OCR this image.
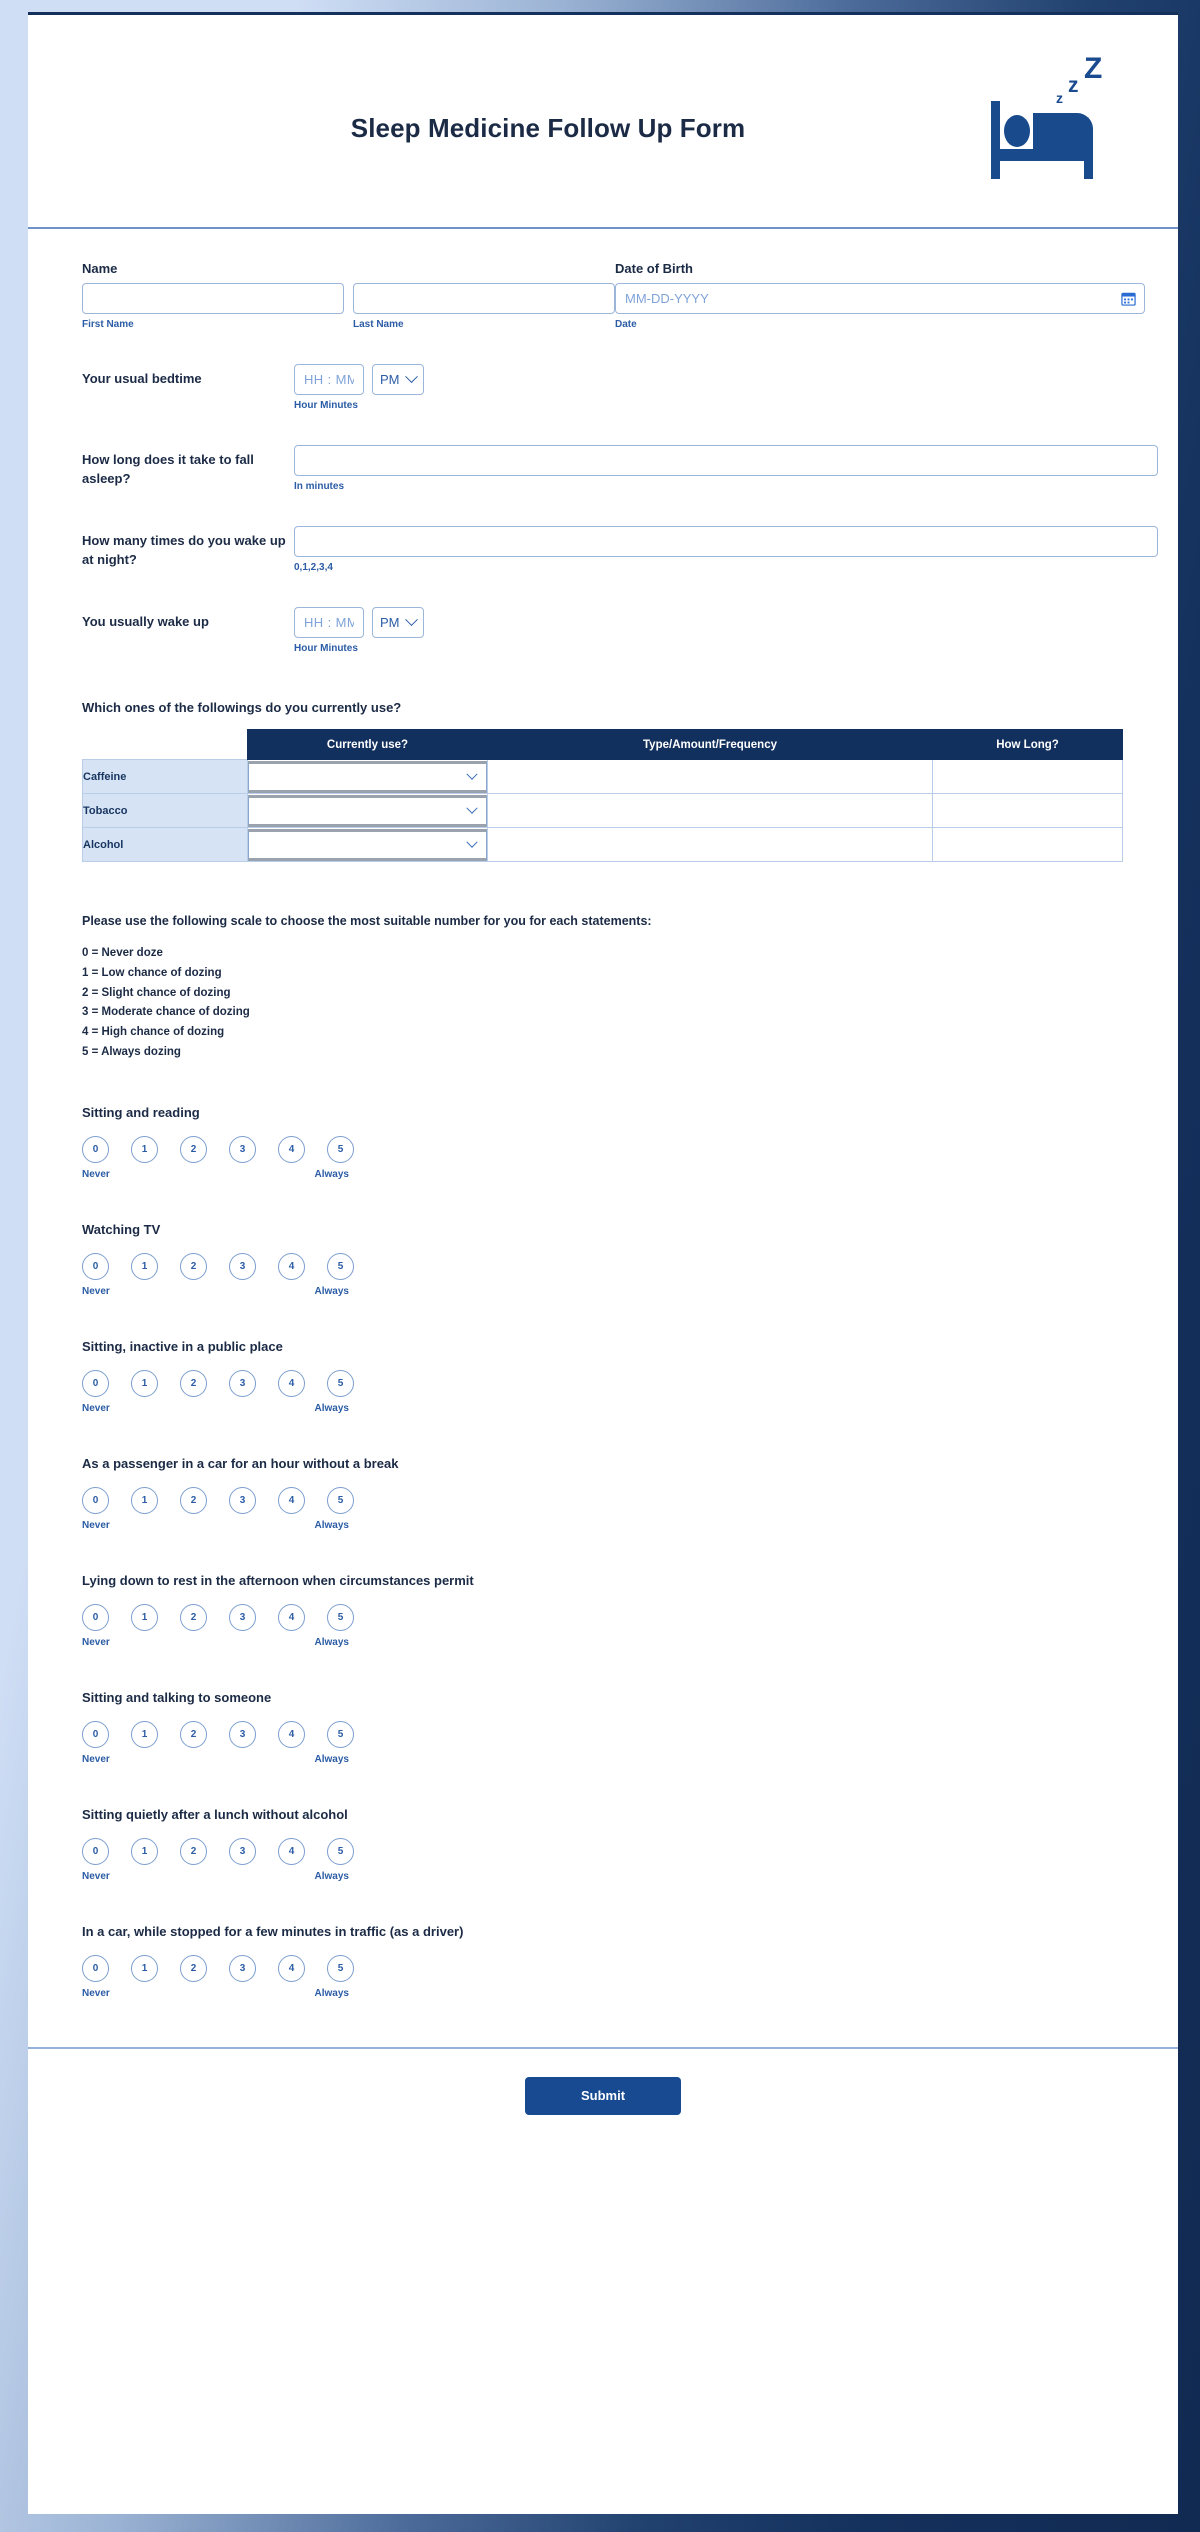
Sleep Medicine Follow Up Form
Z
z
z
Name
First Name	Last Name
Date of Birth
MM-DD-YYYY
Date
Your usual bedtime
HH : MM	PM
Hour Minutes
How long does it take to fall asleep?
In minutes
How many times do you wake up at night?
0,1,2,3,4
You usually wake up
HH : MM	PM
Hour Minutes
Which ones of the followings do you currently use?
	Currently use?	Type/Amount/Frequency	How Long?
Caffeine	

Tobacco	

Alcohol	

Please use the following scale to choose the most suitable number for you for each statements:
0 = Never doze
1 = Low chance of dozing
2 = Slight chance of dozing
3 = Moderate chance of dozing
4 = High chance of dozing
5 = Always dozing
Sitting and reading
0	1	2	3	4	5
Never	Always
Watching TV
0	1	2	3	4	5
Never	Always
Sitting, inactive in a public place
0	1	2	3	4	5
Never	Always
As a passenger in a car for an hour without a break
0	1	2	3	4	5
Never	Always
Lying down to rest in the afternoon when circumstances permit
0	1	2	3	4	5
Never	Always
Sitting and talking to someone
0	1	2	3	4	5
Never	Always
Sitting quietly after a lunch without alcohol
0	1	2	3	4	5
Never	Always
In a car, while stopped for a few minutes in traffic (as a driver)
0	1	2	3	4	5
Never	Always
Submit
